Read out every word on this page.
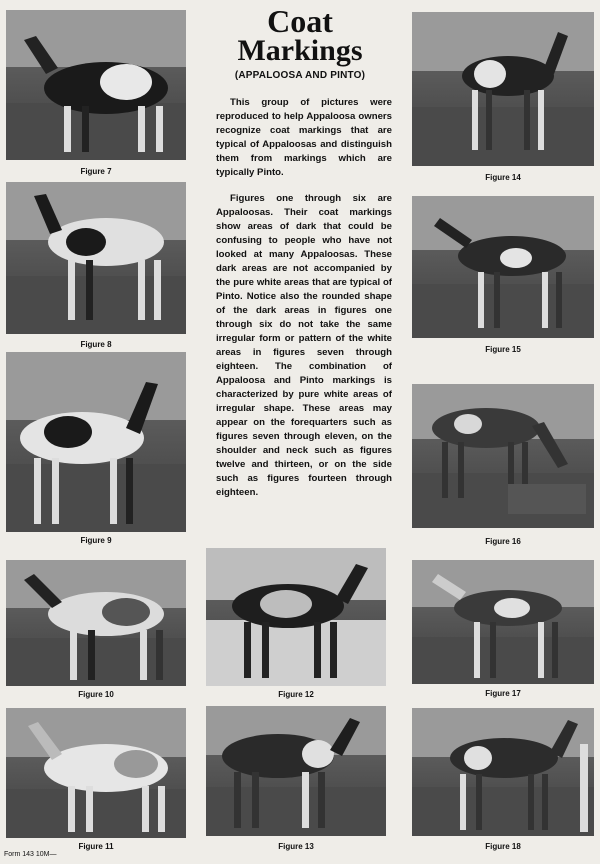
Coat
Markings
(APPALOOSA AND PINTO)

This group of pictures were reproduced to help Appaloosa owners recognize coat markings that are typical of Appaloosas and distinguish them from markings which are typically Pinto.

Figures one through six are Appaloosas. Their coat markings show areas of dark that could be confusing to people who have not looked at many Appaloosas. These dark areas are not accompanied by the pure white areas that are typical of Pinto. Notice also the rounded shape of the dark areas in figures one through six do not take the same irregular form or pattern of the white areas in figures seven through eighteen. The combination of Appaloosa and Pinto markings is characterized by pure white areas of irregular shape. These areas may appear on the forequarters such as figures seven through eleven, on the shoulder and neck such as figures twelve and thirteen, or on the side such as figures fourteen through eighteen.

Figure 7
Figure 8
Figure 9
Figure 10
Figure 11
Figure 12
Figure 13
Figure 14
Figure 15
Figure 16
Figure 17
Figure 18
Form 143 10M—
